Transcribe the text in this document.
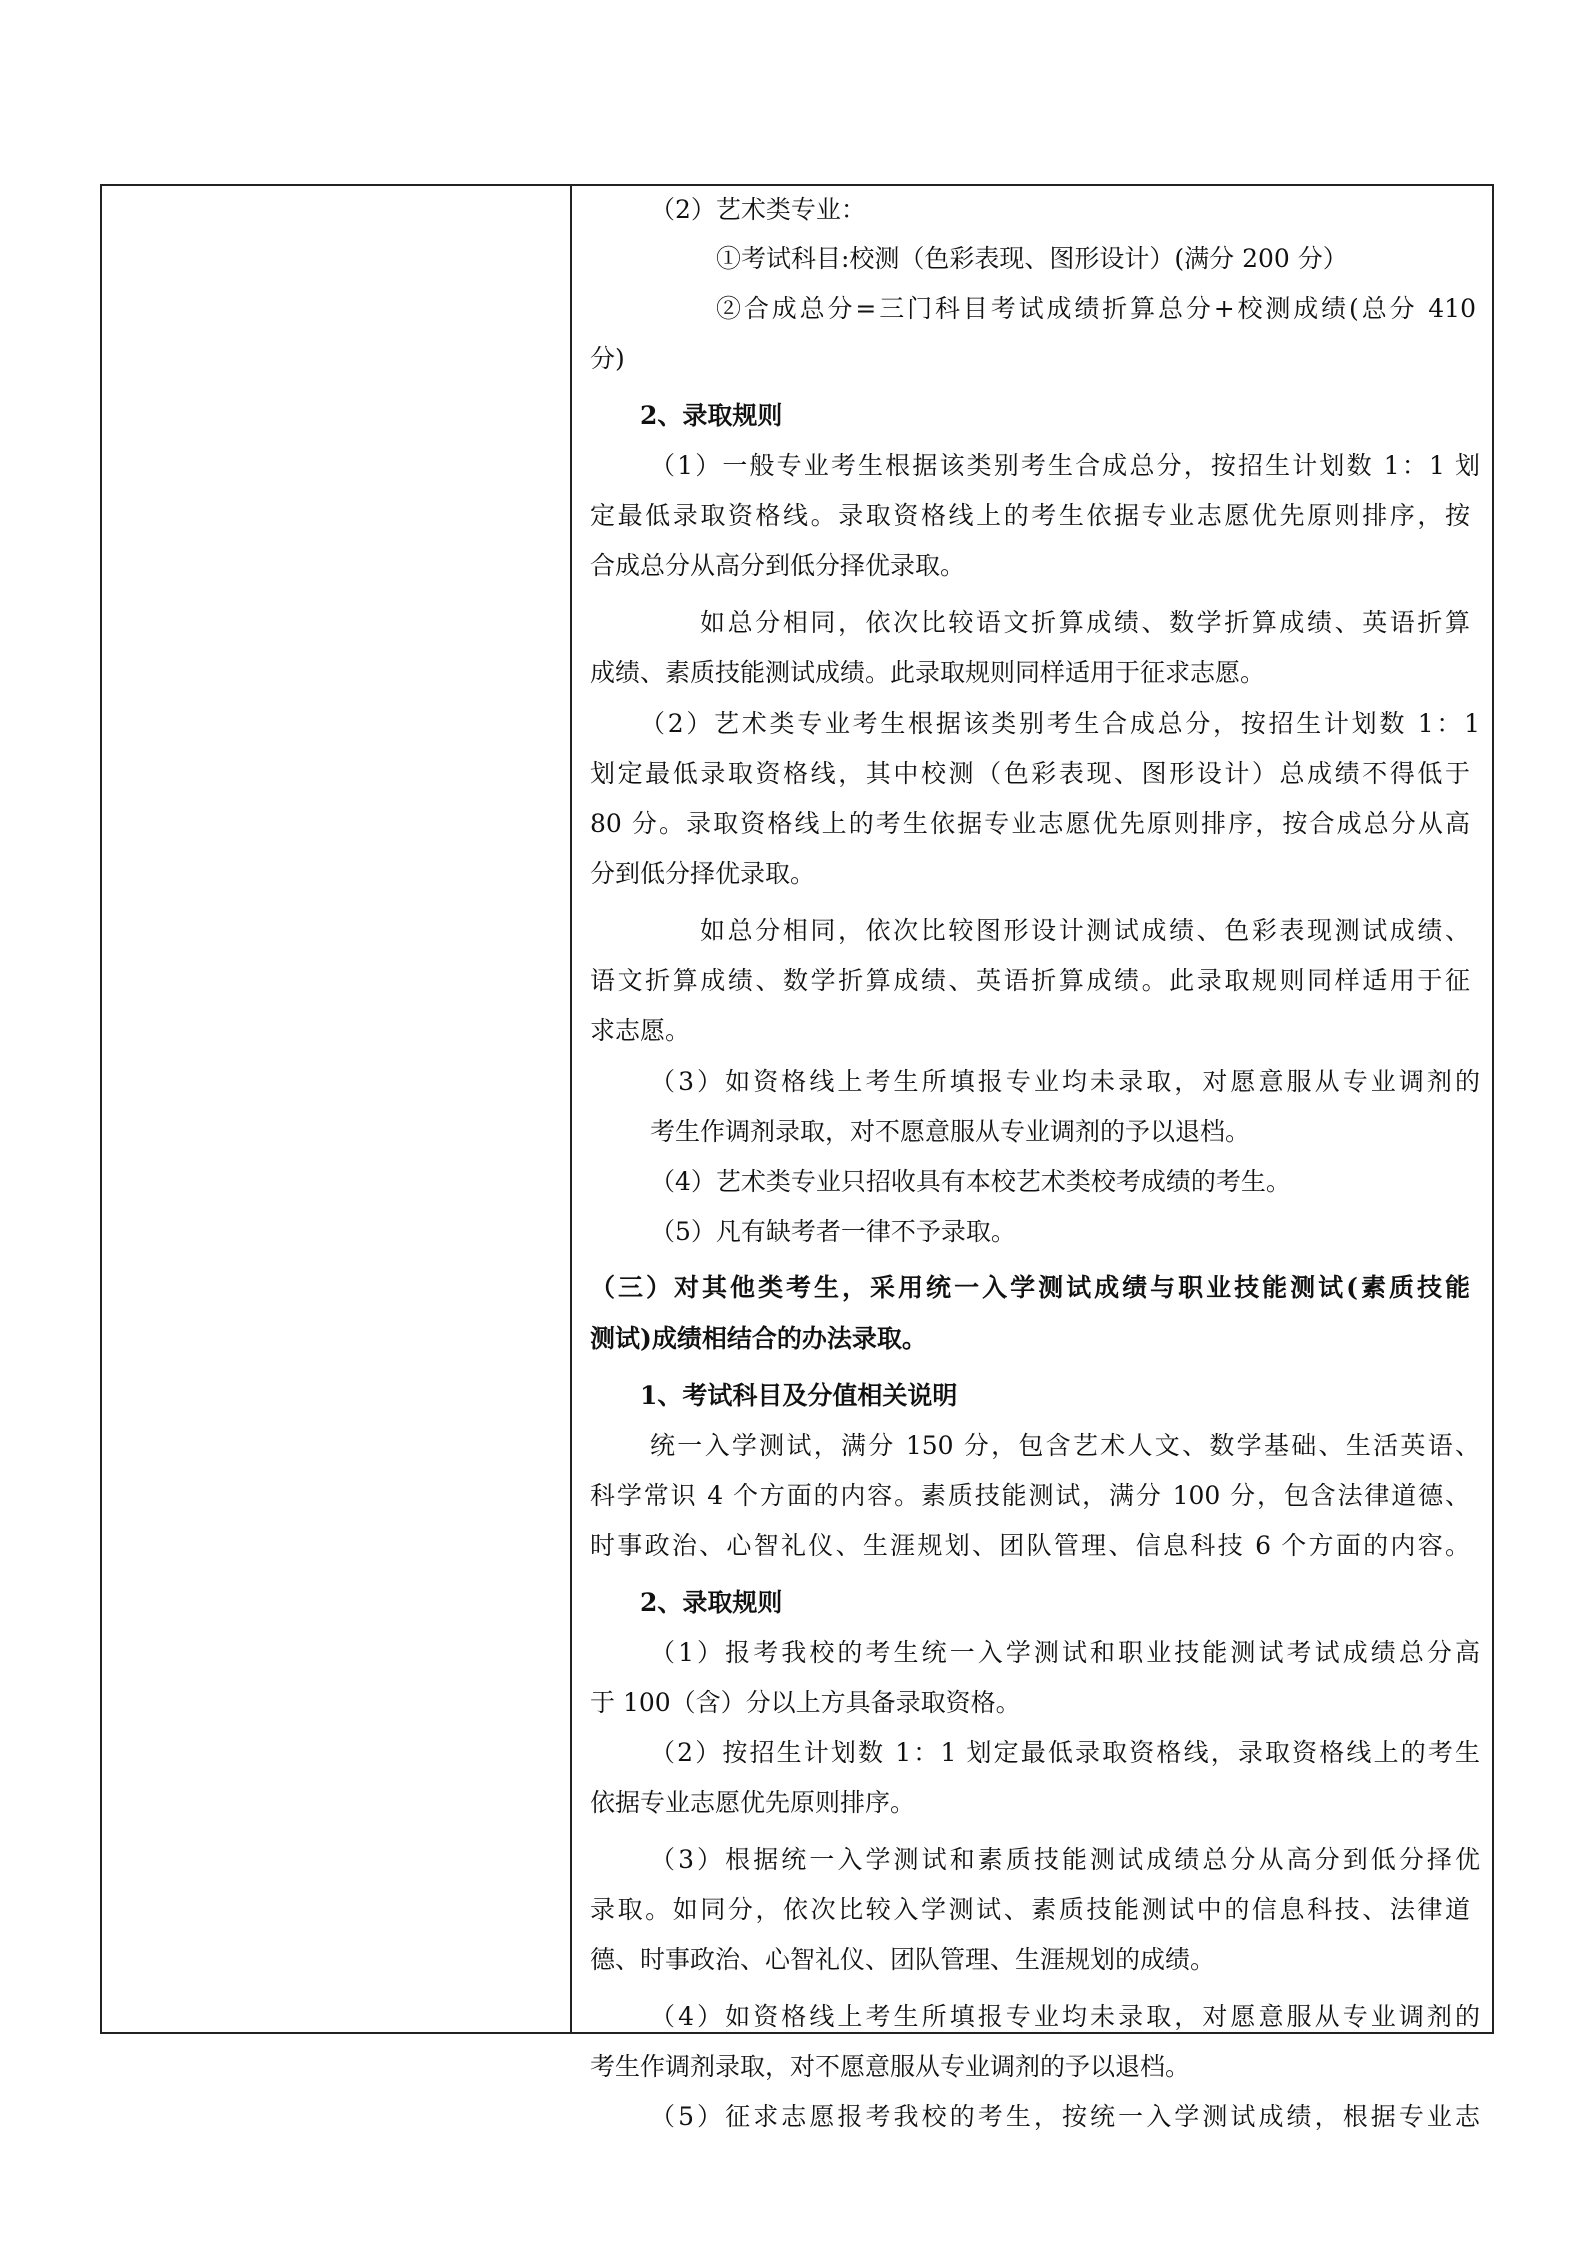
（2）艺术类专业：

①考试科目:校测（色彩表现、图形设计）(满分 200 分）

②合成总分=三门科目考试成绩折算总分+校测成绩(总分 410

分)

2、录取规则

（1）一般专业考生根据该类别考生合成总分，按招生计划数 1：1 划

定最低录取资格线。录取资格线上的考生依据专业志愿优先原则排序，按

合成总分从高分到低分择优录取。

如总分相同，依次比较语文折算成绩、数学折算成绩、英语折算

成绩、素质技能测试成绩。此录取规则同样适用于征求志愿。

（2）艺术类专业考生根据该类别考生合成总分，按招生计划数 1：1

划定最低录取资格线，其中校测（色彩表现、图形设计）总成绩不得低于

80 分。录取资格线上的考生依据专业志愿优先原则排序，按合成总分从高

分到低分择优录取。

如总分相同，依次比较图形设计测试成绩、色彩表现测试成绩、

语文折算成绩、数学折算成绩、英语折算成绩。此录取规则同样适用于征

求志愿。

（3）如资格线上考生所填报专业均未录取，对愿意服从专业调剂的

考生作调剂录取，对不愿意服从专业调剂的予以退档。

（4）艺术类专业只招收具有本校艺术类校考成绩的考生。

（5）凡有缺考者一律不予录取。

（三）对其他类考生，采用统一入学测试成绩与职业技能测试(素质技能

测试)成绩相结合的办法录取。

1、考试科目及分值相关说明

统一入学测试，满分 150 分，包含艺术人文、数学基础、生活英语、

科学常识 4 个方面的内容。素质技能测试，满分 100 分，包含法律道德、

时事政治、心智礼仪、生涯规划、团队管理、信息科技 6 个方面的内容。

2、录取规则

（1）报考我校的考生统一入学测试和职业技能测试考试成绩总分高

于 100（含）分以上方具备录取资格。

（2）按招生计划数 1：1 划定最低录取资格线，录取资格线上的考生

依据专业志愿优先原则排序。

（3）根据统一入学测试和素质技能测试成绩总分从高分到低分择优

录取。如同分，依次比较入学测试、素质技能测试中的信息科技、法律道

德、时事政治、心智礼仪、团队管理、生涯规划的成绩。

（4）如资格线上考生所填报专业均未录取，对愿意服从专业调剂的

考生作调剂录取，对不愿意服从专业调剂的予以退档。

（5）征求志愿报考我校的考生，按统一入学测试成绩，根据专业志
